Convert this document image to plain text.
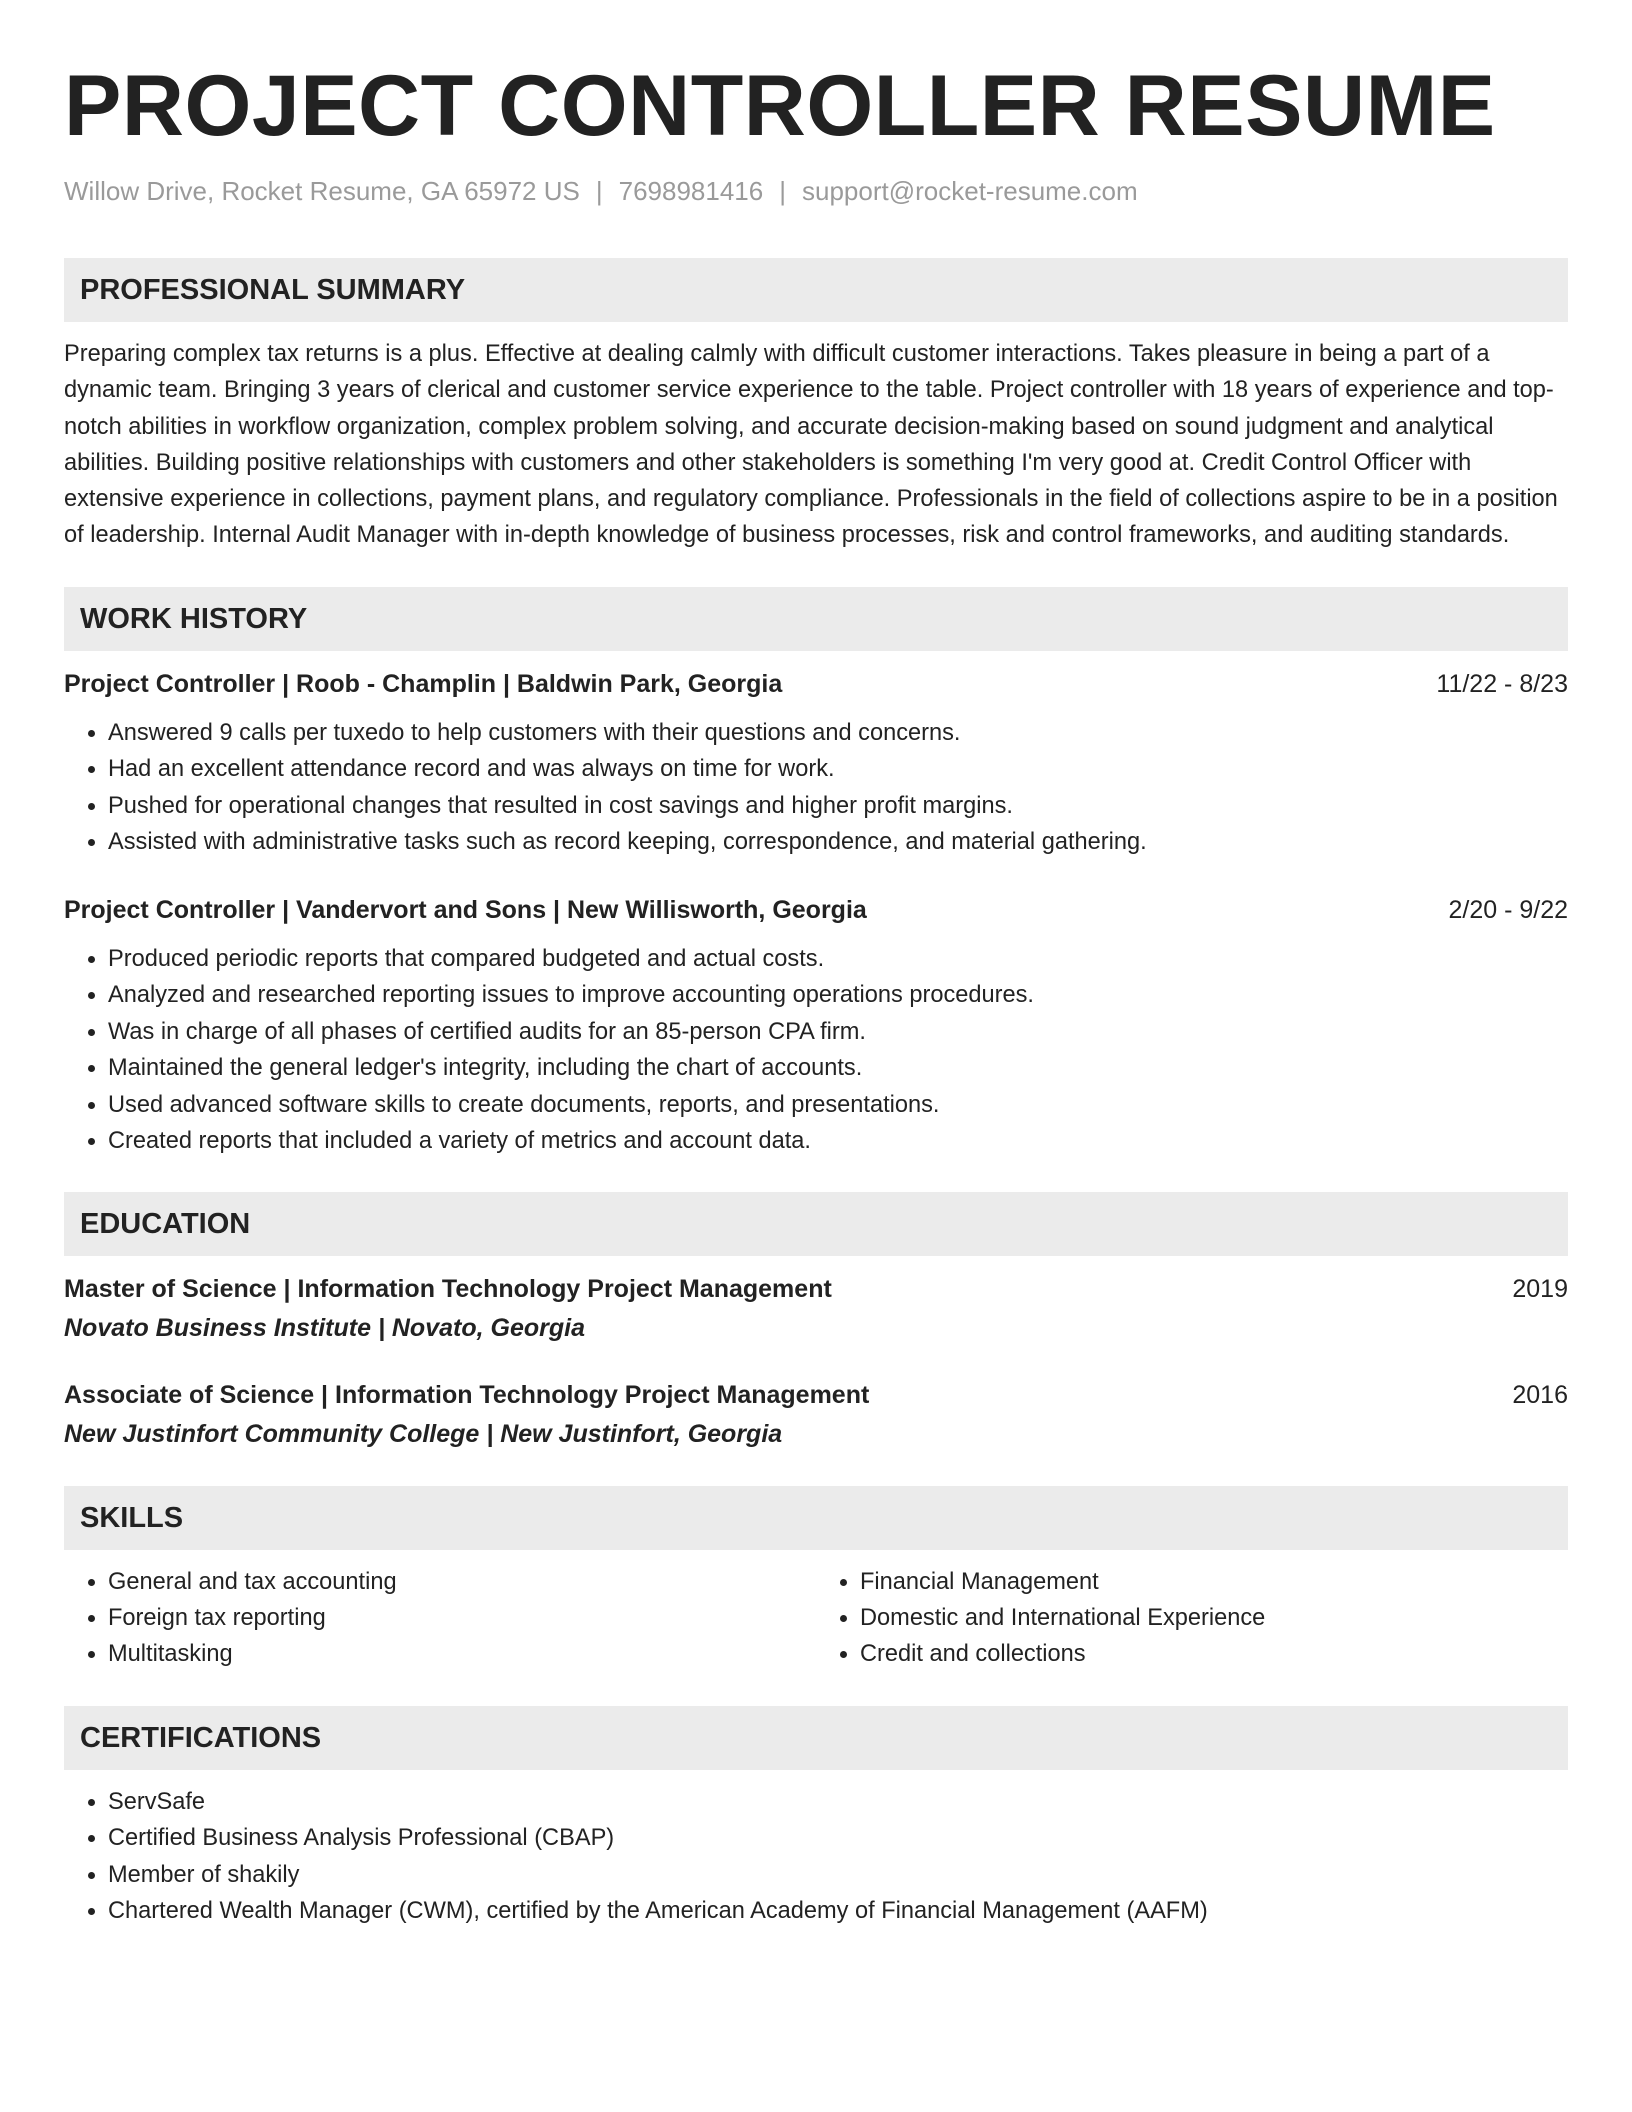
PROJECT CONTROLLER RESUME
Willow Drive, Rocket Resume, GA 65972 US | 7698981416 | support@rocket-resume.com
PROFESSIONAL SUMMARY
Preparing complex tax returns is a plus. Effective at dealing calmly with difficult customer interactions. Takes pleasure in being a part of a dynamic team. Bringing 3 years of clerical and customer service experience to the table. Project controller with 18 years of experience and top-notch abilities in workflow organization, complex problem solving, and accurate decision-making based on sound judgment and analytical abilities. Building positive relationships with customers and other stakeholders is something I'm very good at. Credit Control Officer with extensive experience in collections, payment plans, and regulatory compliance. Professionals in the field of collections aspire to be in a position of leadership. Internal Audit Manager with in-depth knowledge of business processes, risk and control frameworks, and auditing standards.
WORK HISTORY
Project Controller | Roob - Champlin | Baldwin Park, Georgia	11/22 - 8/23
• Answered 9 calls per tuxedo to help customers with their questions and concerns.
• Had an excellent attendance record and was always on time for work.
• Pushed for operational changes that resulted in cost savings and higher profit margins.
• Assisted with administrative tasks such as record keeping, correspondence, and material gathering.
Project Controller | Vandervort and Sons | New Willisworth, Georgia	2/20 - 9/22
• Produced periodic reports that compared budgeted and actual costs.
• Analyzed and researched reporting issues to improve accounting operations procedures.
• Was in charge of all phases of certified audits for an 85-person CPA firm.
• Maintained the general ledger's integrity, including the chart of accounts.
• Used advanced software skills to create documents, reports, and presentations.
• Created reports that included a variety of metrics and account data.
EDUCATION
Master of Science | Information Technology Project Management	2019
Novato Business Institute | Novato, Georgia
Associate of Science | Information Technology Project Management	2016
New Justinfort Community College | New Justinfort, Georgia
SKILLS
• General and tax accounting
• Foreign tax reporting
• Multitasking
• Financial Management
• Domestic and International Experience
• Credit and collections
CERTIFICATIONS
• ServSafe
• Certified Business Analysis Professional (CBAP)
• Member of shakily
• Chartered Wealth Manager (CWM), certified by the American Academy of Financial Management (AAFM)
